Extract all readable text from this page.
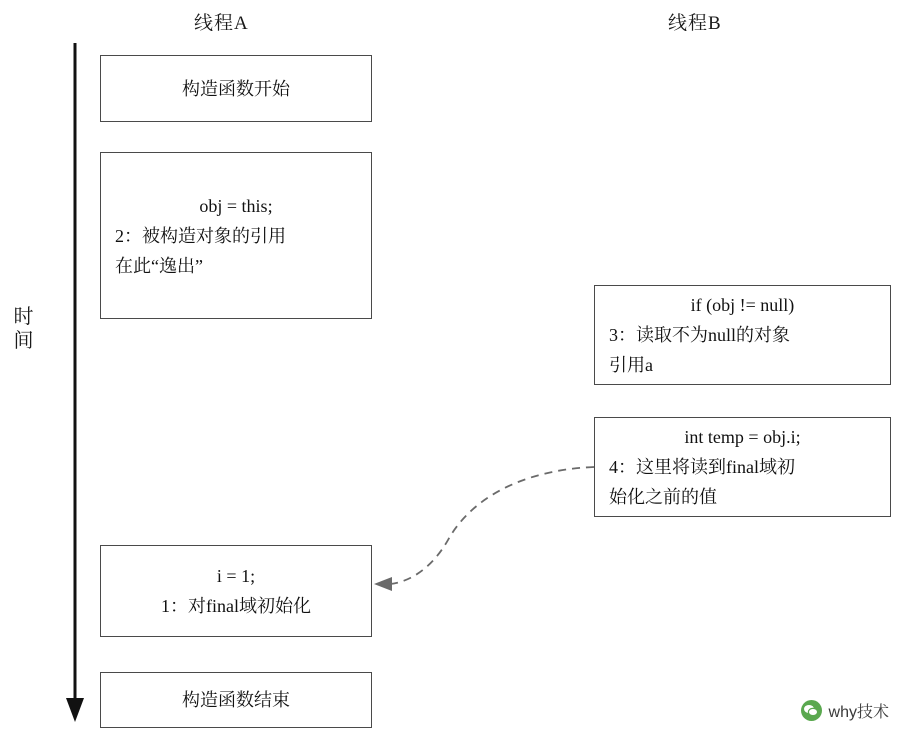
线程A	线程B
时间
构造函数开始
obj = this;
2：被构造对象的引用
在此“逸出”
i = 1;
1：对final域初始化
构造函数结束
if (obj != null)
3：读取不为null的对象
引用a
int temp = obj.i;
4：这里将读到final域初
始化之前的值
why技术
